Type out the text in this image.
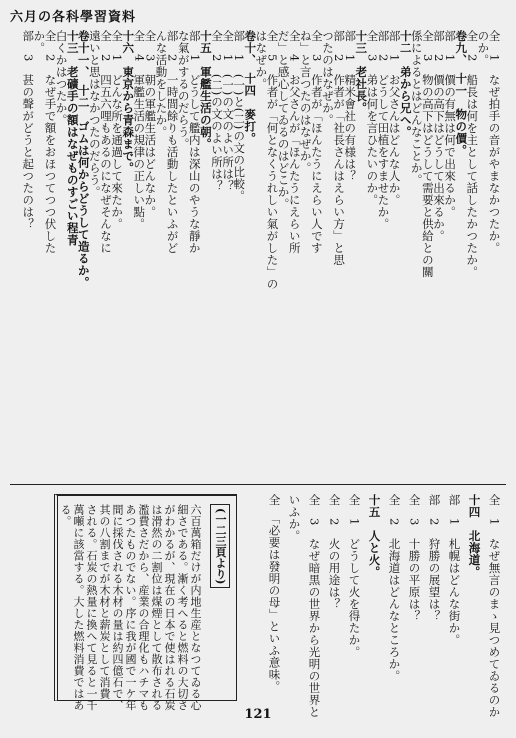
六月の各科學習資料
全　1　なぜ拍手の音がやまなかつたか。
のか。
全　2　船長は何を主として話したかつたか。
卷九、　十一　物の價。
部　1　價の有無は何で出來るか。
部　2　價の高下はどうして出來るか。
全　3　物の高下はどうして需要と供給との關
係によるとはどんなことか。
十二　弟から兄へ。
部　1　お父さんはどんな人か。
部　2　どうして田植をすませたか。
全　3　弟は何を言ひたいのか。
十三　老社長。
部　1　精米會社の有様は？
部　2　作者が「社長さんはえらい方」と思
つたのはなぜか。
全　3　作者が「ほんたうにえらい人です
ね」と言つたのはなぜか。
全　4　お父さんが「ほんたうにえらい所
だ」と感心してゐるのはどこか。
全　5　作者が「何となくうれしい氣がした」の
はなぜか。
卷十、　十四　麥打。
部　1　(一)と(二)の文の比較。
全　1　(一)の文のよい所は？
全　2　(二)の文のよい所は？
十五　軍艦生活の朝。
部　1　どうして艦内は深山のやうな靜か
な氣がするのだらう。
部　2　一時間餘りも活動したといふがど
んな活動をしたか。
全　3　朝の軍艦生活はどんなか。
全　4　軍艦生活の規律の正しい點。
十六　東京から青森まで。
全　1　どんな所を通過して來たか。
全　2　四五六哩もあるのになぜそんなに
遠いと思はなかつたのだらう。
卷十一、　十二　ゴムは何からどうして造るか。
十三　老礦手の額はなぜものすごい程青
白くかはつたか。
全　2　なぜ手で額をおほつてつつ伏した
か。
部　3　甚の聲がどうと起つたのは？
全　1　なぜ無言のまゝ見つめてゐるのか
十四　北海道。
部　1　札幌はどんな街か。
部　2　狩勝の展望は？
全　3　十勝の平原は？
全　2　北海道はどんなところか。
十五　人と火。
全　1　どうして火を得たか。
全　2　火の用途は？
全　3　なぜ暗黒の世界から光明の世界と
いふか。
全　「必要は發明の母」といふ意味。
(一二三頁より)
六百萬箱だけが内地生産となつてゐる心
細さである。漸く考へると燃料の大切さ
がわかるが、現在の日本で使はれる石炭
は滑然の二割位は煤煙として散布される
濫費さだから、産業の合理化もハチマも
あつたものでない。序に我が國で一ケ年
間に採伐される木材の量は約四億石で、
其の八割までが木材と薪炭として消費
される。石炭の熱量に換へて見ると一千
萬噸に該當する。大した燃料消費ではあ
る。
121
